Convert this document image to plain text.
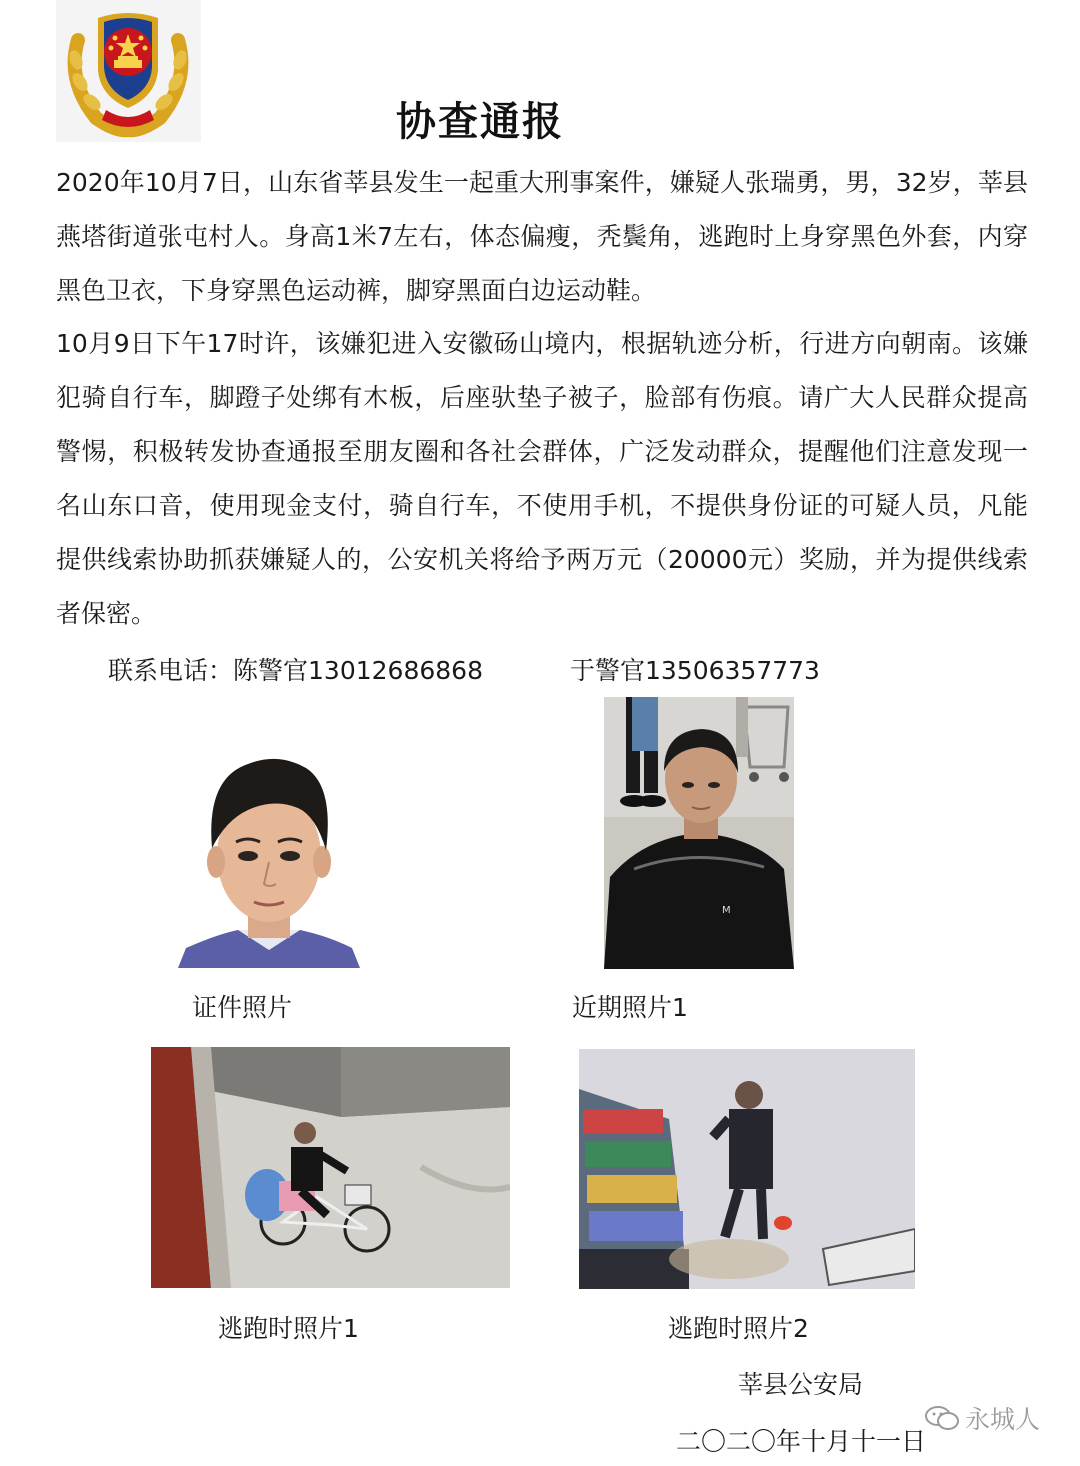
协查通报

2020年10月7日，山东省莘县发生一起重大刑事案件，嫌疑人张瑞勇，男，32岁，莘县燕塔街道张屯村人。身高1米7左右，体态偏瘦，秃鬓角，逃跑时上身穿黑色外套，内穿黑色卫衣，下身穿黑色运动裤，脚穿黑面白边运动鞋。

10月9日下午17时许，该嫌犯进入安徽砀山境内，根据轨迹分析，行进方向朝南。该嫌犯骑自行车，脚蹬子处绑有木板，后座驮垫子被子，脸部有伤痕。请广大人民群众提高警惕，积极转发协查通报至朋友圈和各社会群体，广泛发动群众，提醒他们注意发现一名山东口音，使用现金支付，骑自行车，不使用手机，不提供身份证的可疑人员，凡能提供线索协助抓获嫌疑人的，公安机关将给予两万元（20000元）奖励，并为提供线索者保密。

联系电话：陈警官13012686868	于警官13506357773
M
证件照片	近期照片1
逃跑时照片1	逃跑时照片2
莘县公安局
二〇二〇年十月十一日
永城人
